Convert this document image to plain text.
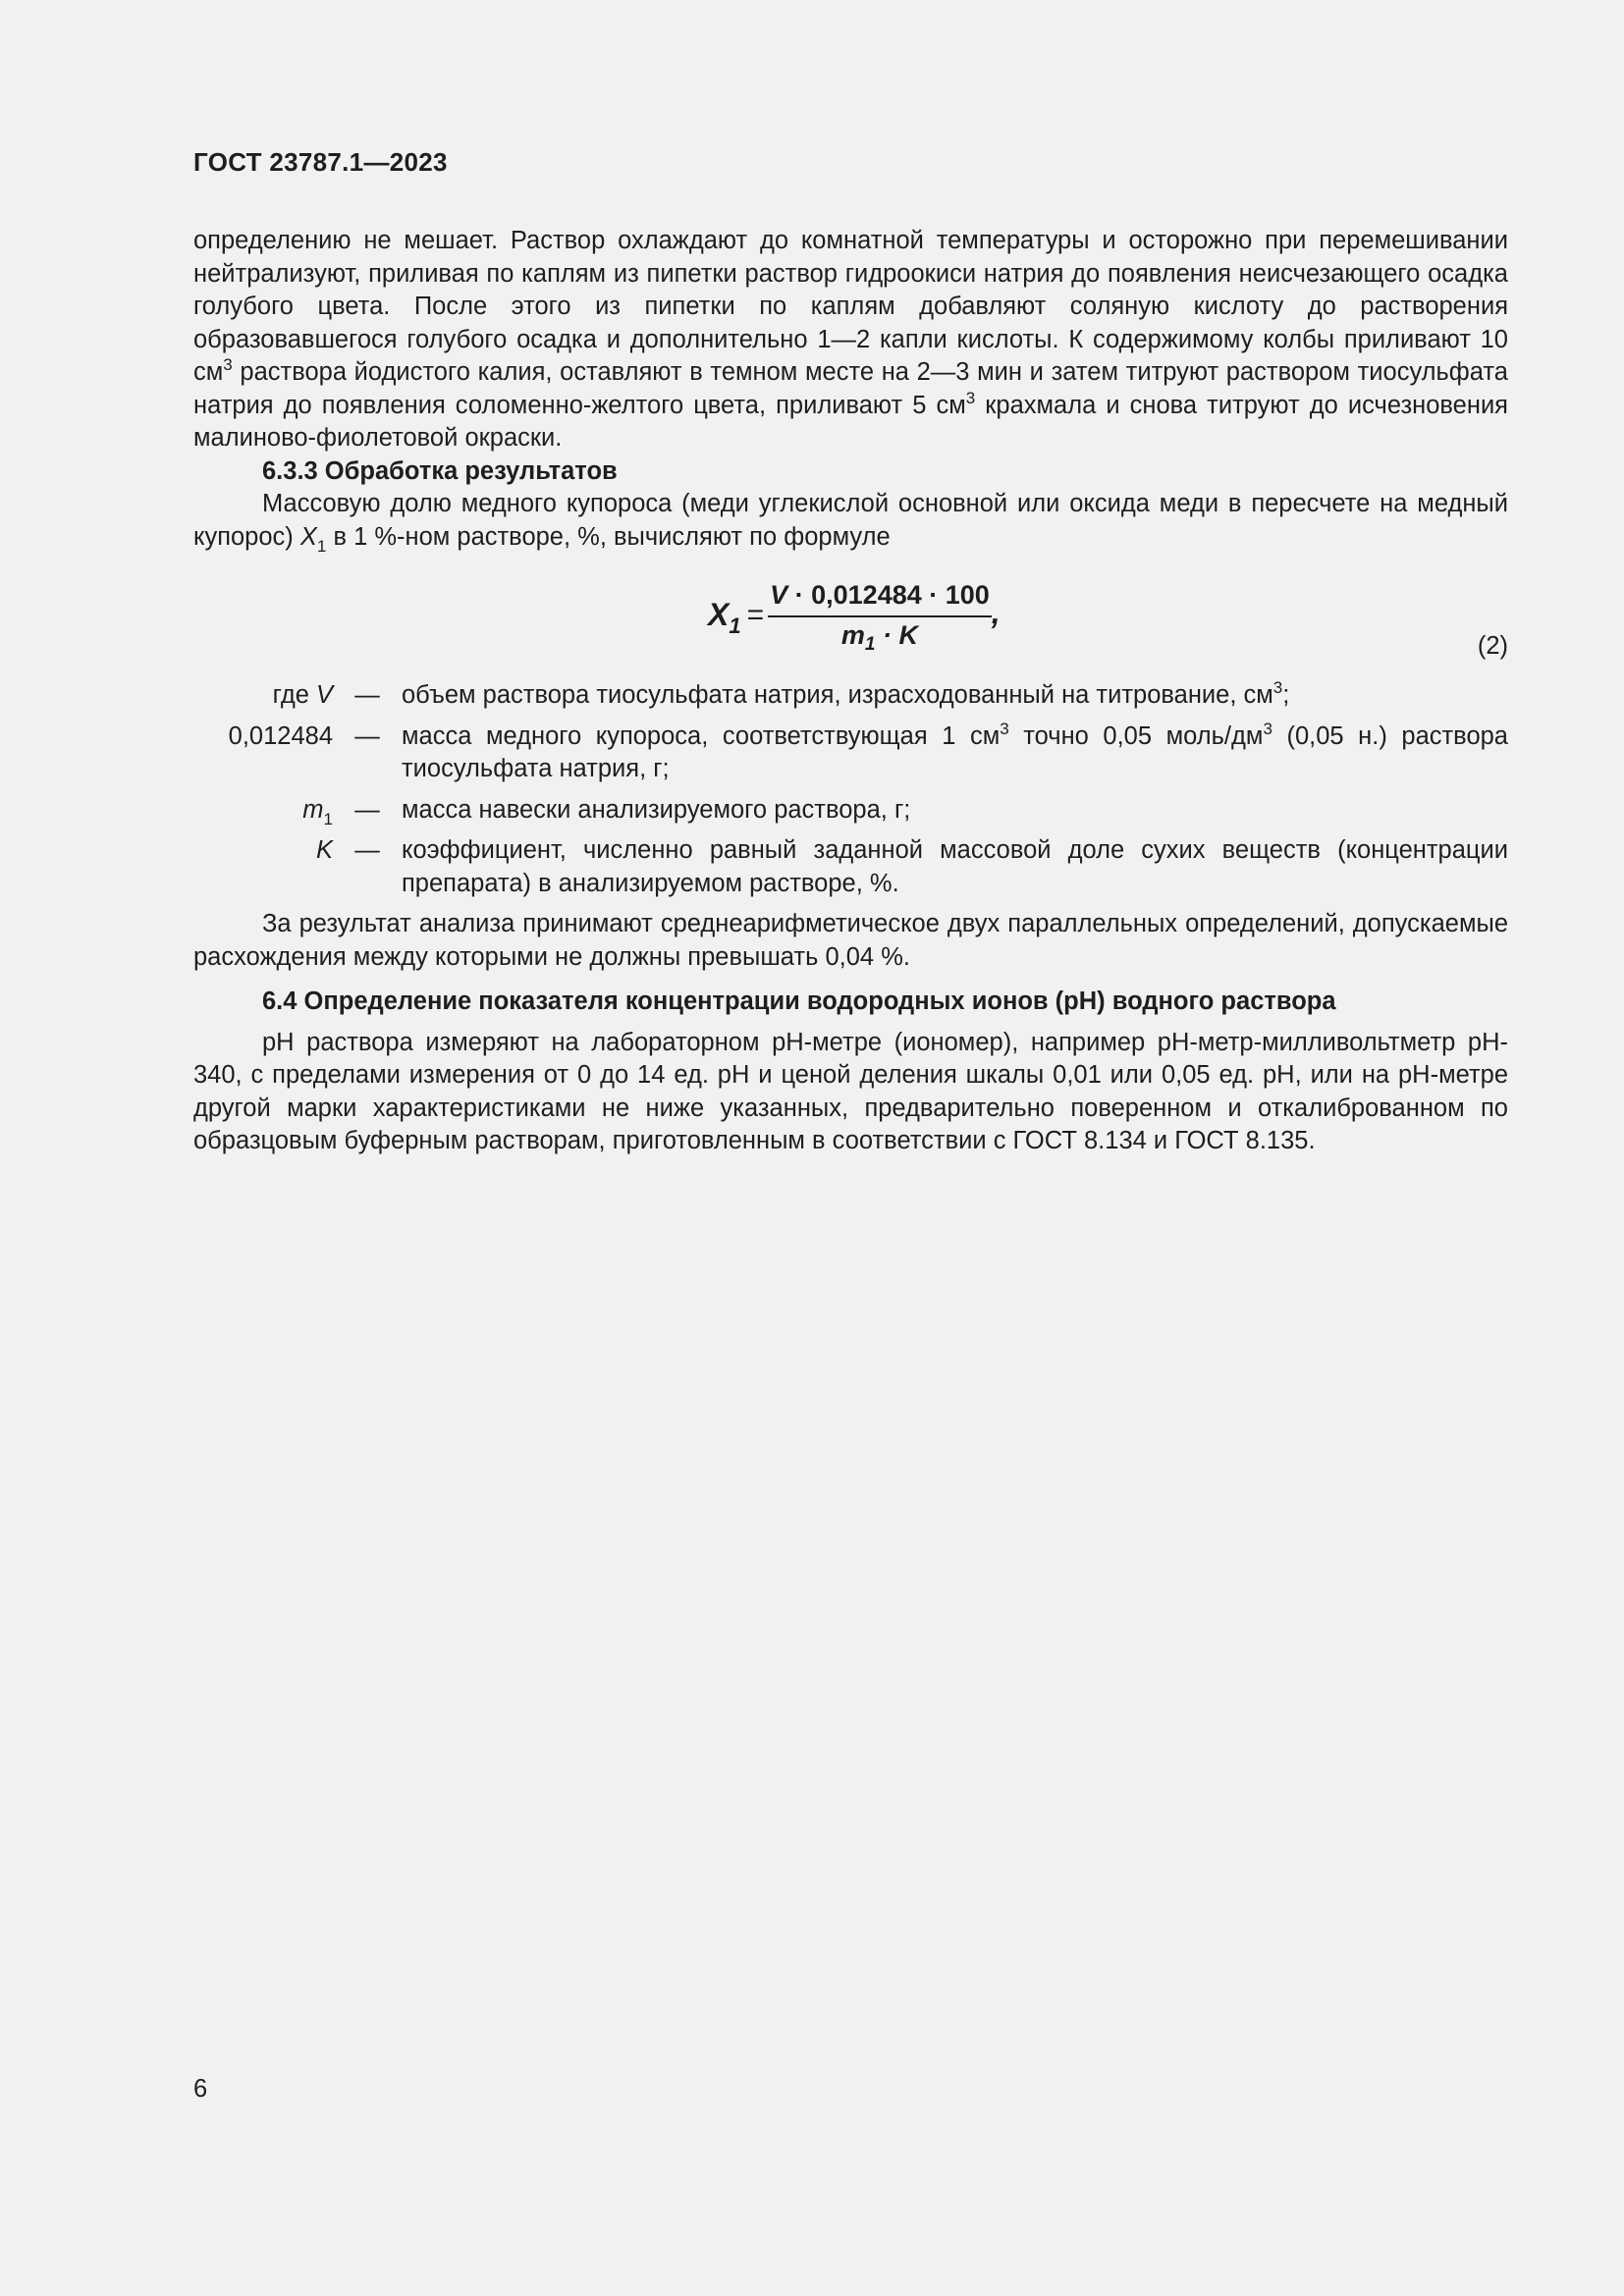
ГОСТ 23787.1—2023

определению не мешает. Раствор охлаждают до комнатной температуры и осторожно при перемешивании нейтрализуют, приливая по каплям из пипетки раствор гидроокиси натрия до появления неисчезающего осадка голубого цвета. После этого из пипетки по каплям добавляют соляную кислоту до растворения образовавшегося голубого осадка и дополнительно 1—2 капли кислоты. К содержимому колбы приливают 10 $см^3$ раствора йодистого калия, оставляют в темном месте на 2—3 мин и затем титруют раствором тиосульфата натрия до появления соломенно-желтого цвета, приливают 5 $см^3$ крахмала и снова титруют до исчезновения малиново-фиолетовой окраски.

6.3.3 Обработка результатов

Массовую долю медного купороса (меди углекислой основной или оксида меди в пересчете на медный купорос) $X_1$ в 1 %-ном растворе, %, вычисляют по формуле

$X_1 = \frac{V \cdot 0,012484 \cdot 100}{m_1 \cdot K}$ ,
(2)
где V — объем раствора тиосульфата натрия, израсходованный на титрование, $см^3$;
0,012484 — масса медного купороса, соответствующая 1 $см^3$ точно 0,05 моль/$дм^3$ (0,05 н.) раствора тиосульфата натрия, г;
$m_1$ — масса навески анализируемого раствора, г;
K — коэффициент, численно равный заданной массовой доле сухих веществ (концентрации препарата) в анализируемом растворе, %.

За результат анализа принимают среднеарифметическое двух параллельных определений, допускаемые расхождения между которыми не должны превышать 0,04 %.

6.4 Определение показателя концентрации водородных ионов (pH) водного раствора

pH раствора измеряют на лабораторном pH-метре (иономер), например pH-метр-милливольтметр pH-340, с пределами измерения от 0 до 14 ед. pH и ценой деления шкалы 0,01 или 0,05 ед. pH, или на pH-метре другой марки характеристиками не ниже указанных, предварительно поверенном и откалиброванном по образцовым буферным растворам, приготовленным в соответствии с ГОСТ 8.134 и ГОСТ 8.135.

6
